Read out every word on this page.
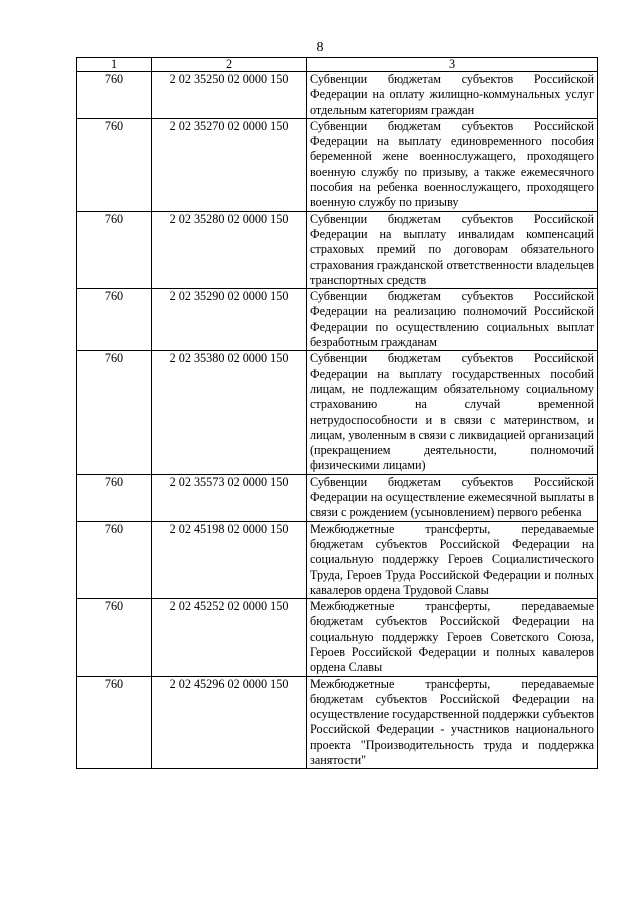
8
1	2	3
760	2 02 35250 02 0000 150	Субвенции бюджетам субъектов Российской Федерации на оплату жилищно-коммунальных услуг отдельным категориям граждан
760	2 02 35270 02 0000 150	Субвенции бюджетам субъектов Российской Федерации на выплату единовременного пособия беременной жене военнослужащего, проходящего военную службу по призыву, а также ежемесячного пособия на ребенка военнослужащего, проходящего военную службу по призыву
760	2 02 35280 02 0000 150	Субвенции бюджетам субъектов Российской Федерации на выплату инвалидам компенсаций страховых премий по договорам обязательного страхования гражданской ответственности владельцев транспортных средств
760	2 02 35290 02 0000 150	Субвенции бюджетам субъектов Российской Федерации на реализацию полномочий Российской Федерации по осуществлению социальных выплат безработным гражданам
760	2 02 35380 02 0000 150	Субвенции бюджетам субъектов Российской Федерации на выплату государственных пособий лицам, не подлежащим обязательному социальному страхованию на случай временной нетрудоспособности и в связи с материнством, и лицам, уволенным в связи с ликвидацией организаций (прекращением деятельности, полномочий физическими лицами)
760	2 02 35573 02 0000 150	Субвенции бюджетам субъектов Российской Федерации на осуществление ежемесячной выплаты в связи с рождением (усыновлением) первого ребенка
760	2 02 45198 02 0000 150	Межбюджетные трансферты, передаваемые бюджетам субъектов Российской Федерации на социальную поддержку Героев Социалистического Труда, Героев Труда Российской Федерации и полных кавалеров ордена Трудовой Славы
760	2 02 45252 02 0000 150	Межбюджетные трансферты, передаваемые бюджетам субъектов Российской Федерации на социальную поддержку Героев Советского Союза, Героев Российской Федерации и полных кавалеров ордена Славы
760	2 02 45296 02 0000 150	Межбюджетные трансферты, передаваемые бюджетам субъектов Российской Федерации на осуществление государственной поддержки субъектов Российской Федерации - участников национального проекта "Производительность труда и поддержка занятости"
